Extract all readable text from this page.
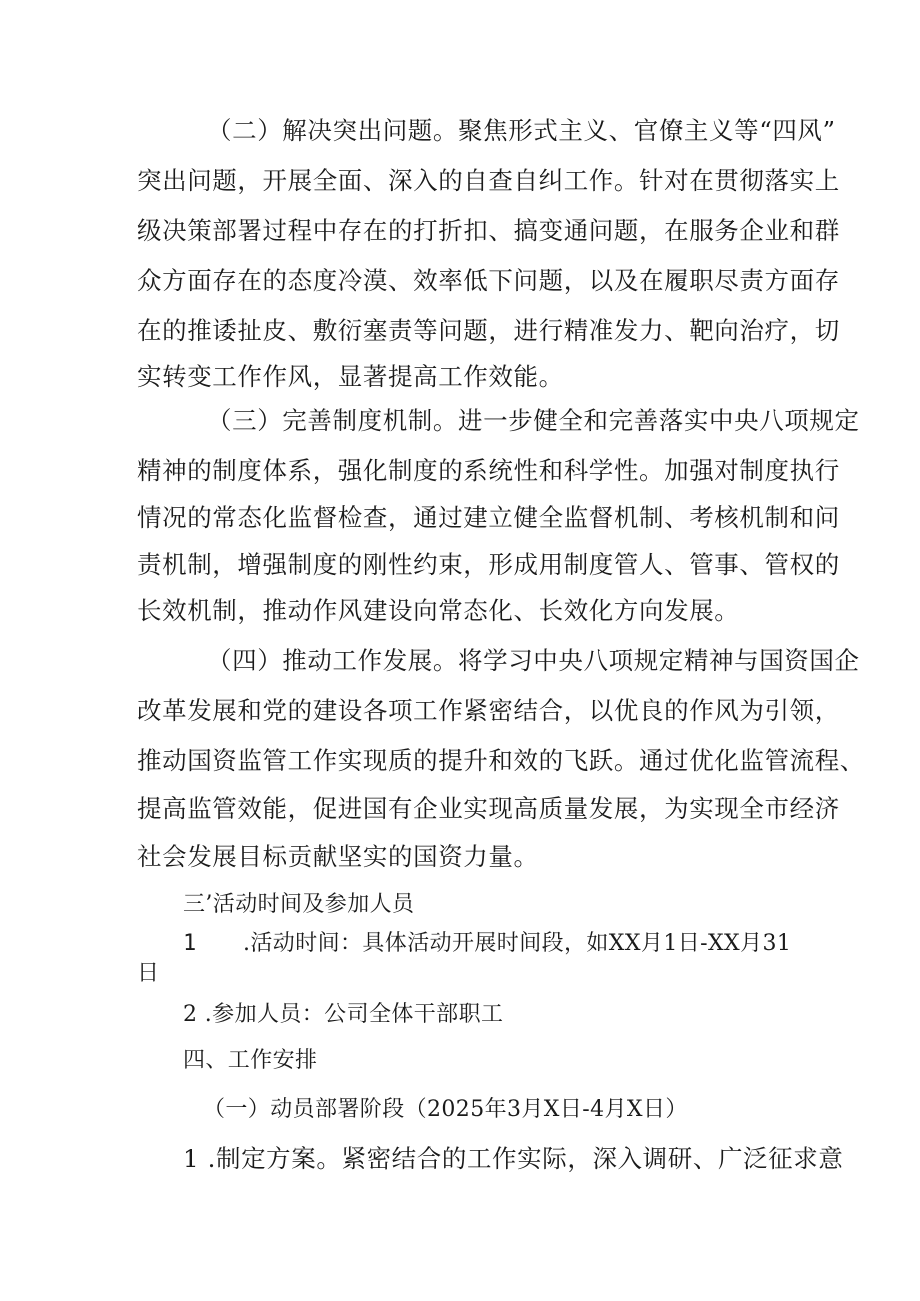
（二）解决突出问题。聚焦形式主义、官僚主义等“四风”
突出问题，开展全面、深入的自查自纠工作。针对在贯彻落实上
级决策部署过程中存在的打折扣、搞变通问题，在服务企业和群
众方面存在的态度冷漠、效率低下问题，以及在履职尽责方面存
在的推诿扯皮、敷衍塞责等问题，进行精准发力、靶向治疗，切
实转变工作作风，显著提高工作效能。
（三）完善制度机制。进一步健全和完善落实中央八项规定
精神的制度体系，强化制度的系统性和科学性。加强对制度执行
情况的常态化监督检查，通过建立健全监督机制、考核机制和问
责机制，增强制度的刚性约束，形成用制度管人、管事、管权的
长效机制，推动作风建设向常态化、长效化方向发展。
（四）推动工作发展。将学习中央八项规定精神与国资国企
改革发展和党的建设各项工作紧密结合，以优良的作风为引领，
推动国资监管工作实现质的提升和效的飞跃。通过优化监管流程、
提高监管效能，促进国有企业实现高质量发展，为实现全市经济
社会发展目标贡献坚实的国资力量。
三’活动时间及参加人员
1 .活动时间：具体活动开展时间段，如XX月1日-XX月31
日
2 .参加人员：公司全体干部职工
四、工作安排
（一）动员部署阶段（2025年3月X日-4月X日）
1 .制定方案。紧密结合的工作实际，深入调研、广泛征求意
